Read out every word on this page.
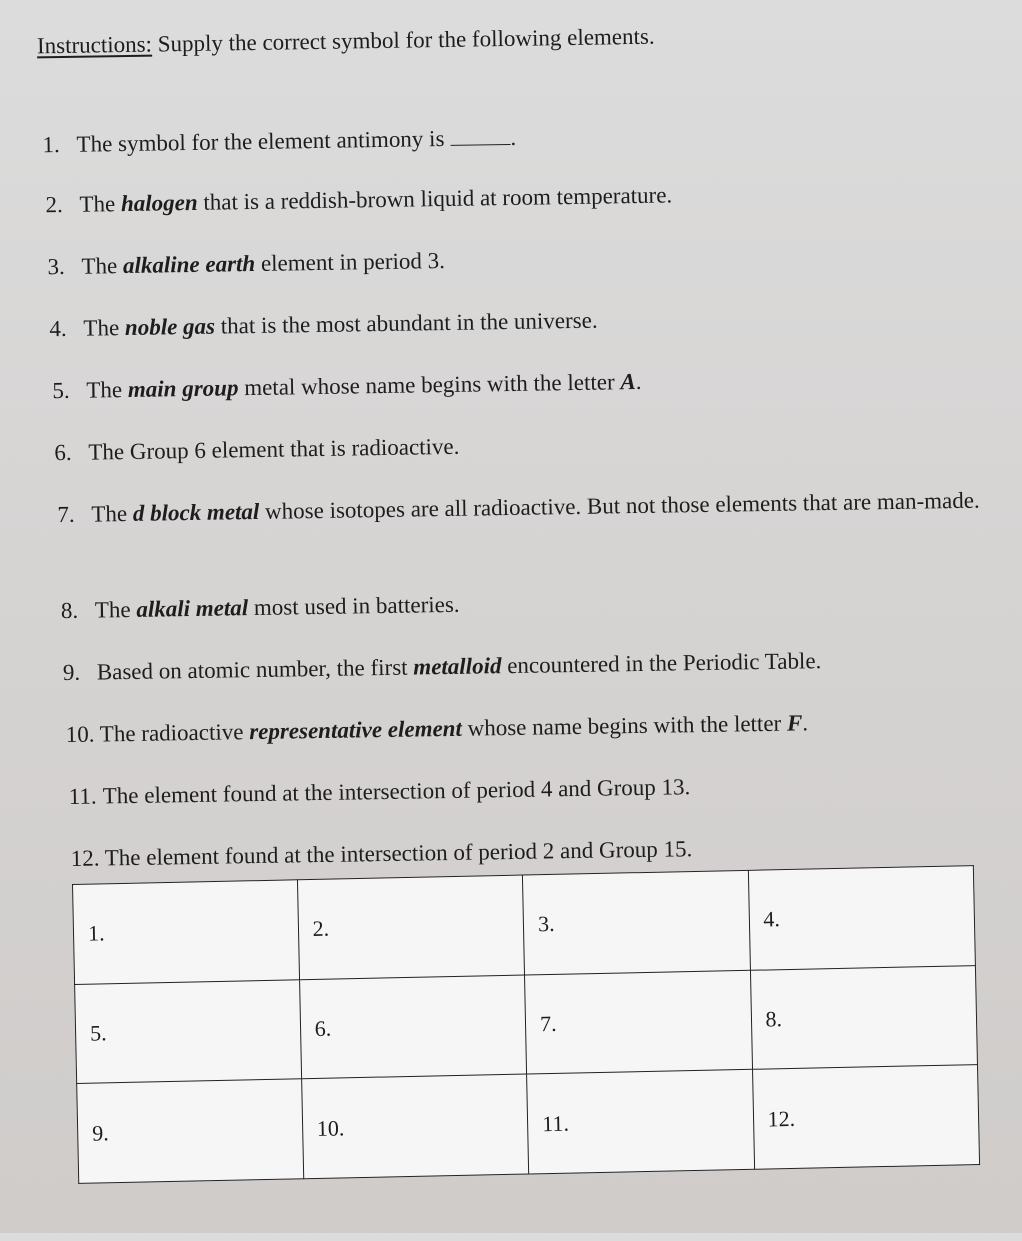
Instructions: Supply the correct symbol for the following elements.
1. The symbol for the element antimony is	.
2. The halogen that is a reddish-brown liquid at room temperature.
3. The alkaline earth element in period 3.
4. The noble gas that is the most abundant in the universe.
5. The main group metal whose name begins with the letter A.
6. The Group 6 element that is radioactive.
7. The d block metal whose isotopes are all radioactive. But not those elements that are man-made.
8. The alkali metal most used in batteries.
9. Based on atomic number, the first metalloid encountered in the Periodic Table.
10. The radioactive representative element whose name begins with the letter F.
11. The element found at the intersection of period 4 and Group 13.
12. The element found at the intersection of period 2 and Group 15.
1.	2.	3.	4.
5.	6.	7.	8.
9.	10.	11.	12.
